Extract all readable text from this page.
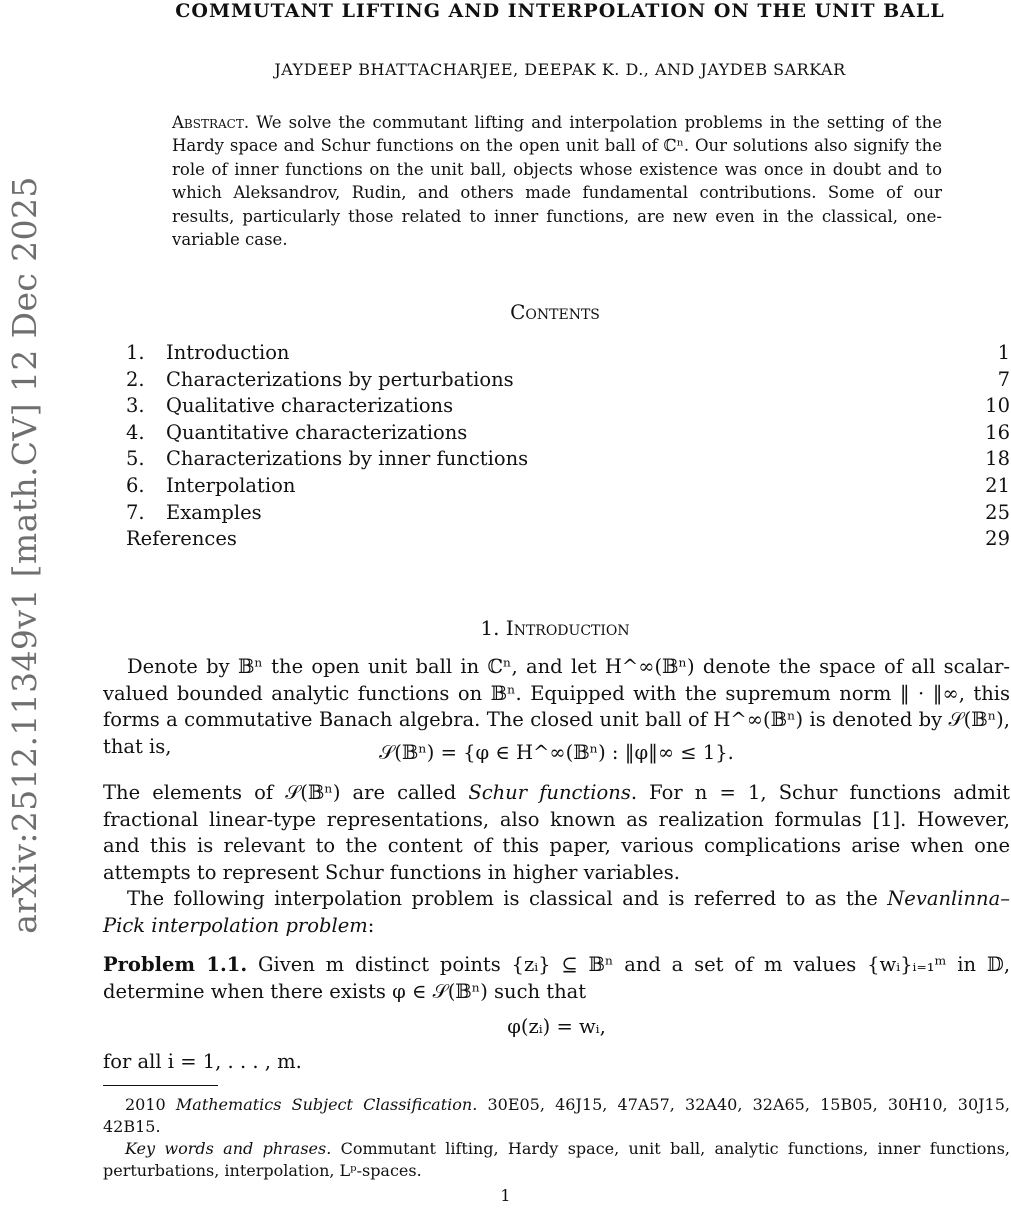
arXiv:2512.11349v1 [math.CV] 12 Dec 2025
COMMUTANT LIFTING AND INTERPOLATION ON THE UNIT BALL
JAYDEEP BHATTACHARJEE, DEEPAK K. D., AND JAYDEB SARKAR
Abstract. We solve the commutant lifting and interpolation problems in the setting of the Hardy space and Schur functions on the open unit ball of ℂⁿ. Our solutions also signify the role of inner functions on the unit ball, objects whose existence was once in doubt and to which Aleksandrov, Rudin, and others made fundamental contributions. Some of our results, particularly those related to inner functions, are new even in the classical, one-variable case.
Contents
1. Introduction	1
2. Characterizations by perturbations	7
3. Qualitative characterizations	10
4. Quantitative characterizations	16
5. Characterizations by inner functions	18
6. Interpolation	21
7. Examples	25
References	29
1. Introduction
Denote by 𝔹ⁿ the open unit ball in ℂⁿ, and let H^∞(𝔹ⁿ) denote the space of all scalar-valued bounded analytic functions on 𝔹ⁿ. Equipped with the supremum norm ‖ · ‖∞, this forms a commutative Banach algebra. The closed unit ball of H^∞(𝔹ⁿ) is denoted by 𝒮(𝔹ⁿ), that is,	𝒮(𝔹ⁿ) = {φ ∈ H^∞(𝔹ⁿ) : ‖φ‖∞ ≤ 1}.
The elements of 𝒮(𝔹ⁿ) are called Schur functions. For n = 1, Schur functions admit fractional linear-type representations, also known as realization formulas [1]. However, and this is relevant to the content of this paper, various complications arise when one attempts to represent Schur functions in higher variables.
The following interpolation problem is classical and is referred to as the Nevanlinna–Pick interpolation problem:
Problem 1.1. Given m distinct points {zᵢ} ⊆ 𝔹ⁿ and a set of m values {wᵢ}ᵢ₌₁ᵐ in 𝔻, determine when there exists φ ∈ 𝒮(𝔹ⁿ) such that
φ(zᵢ) = wᵢ,
for all i = 1, . . . , m.
2010 Mathematics Subject Classification. 30E05, 46J15, 47A57, 32A40, 32A65, 15B05, 30H10, 30J15, 42B15.
Key words and phrases. Commutant lifting, Hardy space, unit ball, analytic functions, inner functions, perturbations, interpolation, Lᵖ-spaces.
1
